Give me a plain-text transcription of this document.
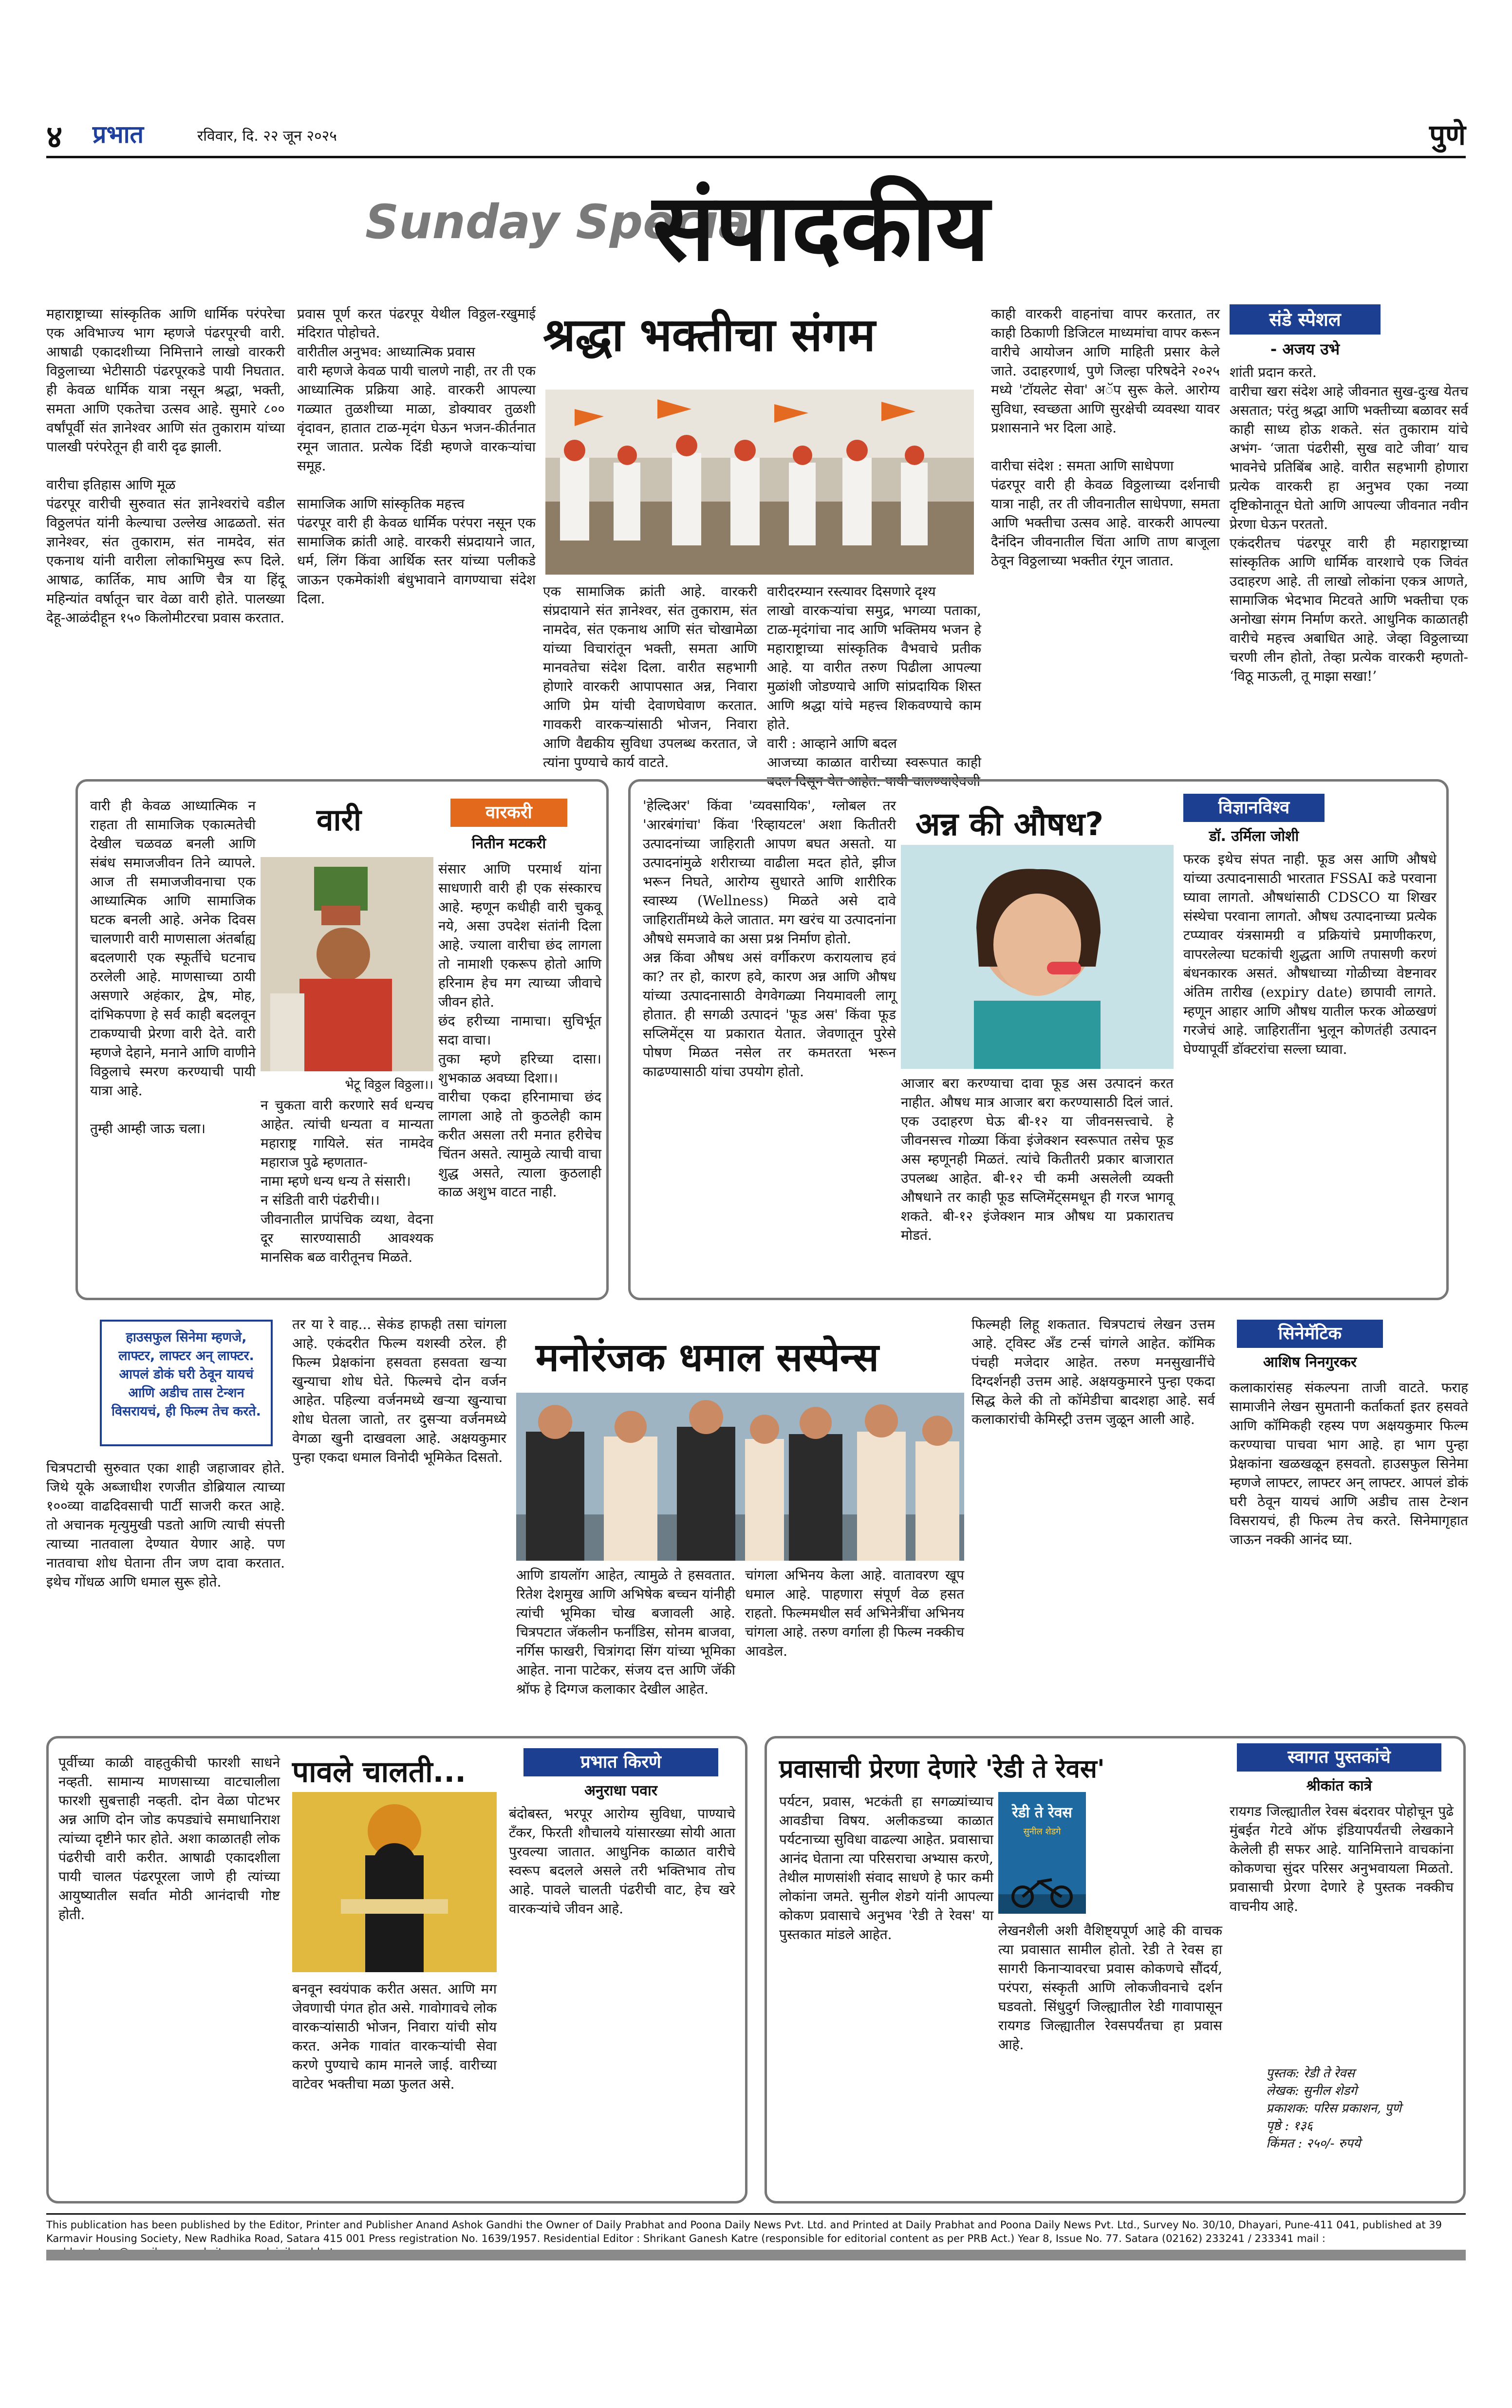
४ प्रभात	रविवार, दि. २२ जून २०२५	पुणे
Sunday Special
संपादकीय
श्रद्धा भक्तीचा संगम
महाराष्ट्राच्या सांस्कृतिक आणि धार्मिक परंपरेचा एक अविभाज्य भाग म्हणजे पंढरपूरची वारी. आषाढी एकादशीच्या निमित्ताने लाखो वारकरी विठ्ठलाच्या भेटीसाठी पंढरपूरकडे पायी निघतात. ही केवळ धार्मिक यात्रा नसून श्रद्धा, भक्ती, समता आणि एकतेचा उत्सव आहे. सुमारे ८०० वर्षांपूर्वी संत ज्ञानेश्वर आणि संत तुकाराम यांच्या पालखी परंपरेतून ही वारी दृढ झाली.

वारीचा इतिहास आणि मूळ
पंढरपूर वारीची सुरुवात संत ज्ञानेश्वरांचे वडील विठ्ठलपंत यांनी केल्याचा उल्लेख आढळतो. संत ज्ञानेश्वर, संत तुकाराम, संत नामदेव, संत एकनाथ यांनी वारीला लोकाभिमुख रूप दिले. आषाढ, कार्तिक, माघ आणि चैत्र या हिंदू महिन्यांत वर्षातून चार वेळा वारी होते. पालख्या देहू-आळंदीहून १५० किलोमीटरचा प्रवास करतात.
प्रवास पूर्ण करत पंढरपूर येथील विठ्ठल-रखुमाई मंदिरात पोहोचते.
वारीतील अनुभव: आध्यात्मिक प्रवास
वारी म्हणजे केवळ पायी चालणे नाही, तर ती एक आध्यात्मिक प्रक्रिया आहे. वारकरी आपल्या गळ्यात तुळशीच्या माळा, डोक्यावर तुळशी वृंदावन, हातात टाळ-मृदंग घेऊन भजन-कीर्तनात रमून जातात. प्रत्येक दिंडी म्हणजे वारकऱ्यांचा समूह.

सामाजिक आणि सांस्कृतिक महत्त्व
पंढरपूर वारी ही केवळ धार्मिक परंपरा नसून एक सामाजिक क्रांती आहे. वारकरी संप्रदायाने जात, धर्म, लिंग किंवा आर्थिक स्तर यांच्या पलीकडे जाऊन एकमेकांशी बंधुभावाने वागण्याचा संदेश दिला.	एक सामाजिक क्रांती आहे. वारकरी संप्रदायाने संत ज्ञानेश्वर, संत तुकाराम, संत नामदेव, संत एकनाथ आणि संत चोखामेळा यांच्या विचारांतून भक्ती, समता आणि मानवतेचा संदेश दिला. वारीत सहभागी होणारे वारकरी आपापसात अन्न, निवारा आणि प्रेम यांची देवाणघेवाण करतात. गावकरी वारकऱ्यांसाठी भोजन, निवारा आणि वैद्यकीय सुविधा उपलब्ध करतात, जे त्यांना पुण्याचे कार्य वाटते.
वारीदरम्यान रस्त्यावर दिसणारे दृश्य
लाखो वारकऱ्यांचा समुद्र, भगव्या पताका, टाळ-मृदंगांचा नाद आणि भक्तिमय भजन हे महाराष्ट्राच्या सांस्कृतिक वैभवाचे प्रतीक आहे. या वारीत तरुण पिढीला आपल्या मुळांशी जोडण्याचे आणि सांप्रदायिक शिस्त आणि श्रद्धा यांचे महत्त्व शिकवण्याचे काम होते.
वारी : आव्हाने आणि बदल
आजच्या काळात वारीच्या स्वरूपात काही बदल दिसून येत आहेत. पायी चालण्याऐवजी
काही वारकरी वाहनांचा वापर करतात, तर काही ठिकाणी डिजिटल माध्यमांचा वापर करून वारीचे आयोजन आणि माहिती प्रसार केले जाते. उदाहरणार्थ, पुणे जिल्हा परिषदेने २०२५ मध्ये 'टॉयलेट सेवा' अॅप सुरू केले. आरोग्य सुविधा, स्वच्छता आणि सुरक्षेची व्यवस्था यावर प्रशासनाने भर दिला आहे.

वारीचा संदेश : समता आणि साधेपणा
पंढरपूर वारी ही केवळ विठ्ठलाच्या दर्शनाची यात्रा नाही, तर ती जीवनातील साधेपणा, समता आणि भक्तीचा उत्सव आहे. वारकरी आपल्या दैनंदिन जीवनातील चिंता आणि ताण बाजूला ठेवून विठ्ठलाच्या भक्तीत रंगून जातात.
संडे स्पेशल
- अजय उभे
शांती प्रदान करते.
वारीचा खरा संदेश आहे जीवनात सुख-दुःख येतच असतात; परंतु श्रद्धा आणि भक्तीच्या बळावर सर्व काही साध्य होऊ शकते. संत तुकाराम यांचे अभंग- ‘जाता पंढरीसी, सुख वाटे जीवा’ याच भावनेचे प्रतिबिंब आहे. वारीत सहभागी होणारा प्रत्येक वारकरी हा अनुभव एका नव्या दृष्टिकोनातून घेतो आणि आपल्या जीवनात नवीन प्रेरणा घेऊन परततो.
एकंदरीतच पंढरपूर वारी ही महाराष्ट्राच्या सांस्कृतिक आणि धार्मिक वारशाचे एक जिवंत उदाहरण आहे. ती लाखो लोकांना एकत्र आणते, सामाजिक भेदभाव मिटवते आणि भक्तीचा एक अनोखा संगम निर्माण करते. आधुनिक काळातही वारीचे महत्त्व अबाधित आहे. जेव्हा विठ्ठलाच्या चरणी लीन होतो, तेव्हा प्रत्येक वारकरी म्हणतो- ‘विठू माऊली, तू माझा सखा!’
वारी	वारकरी
नितीन मटकरी
वारी ही केवळ आध्यात्मिक न राहता ती सामाजिक एकात्मतेची देखील चळवळ बनली आणि संबंध समाजजीवन तिने व्यापले. आज ती समाजजीवनाचा एक आध्यात्मिक आणि सामाजिक घटक बनली आहे. अनेक दिवस चालणारी वारी माणसाला अंतर्बाह्य बदलणारी एक स्फूर्तीचे घटनाच ठरलेली आहे. माणसाच्या ठायी असणारे अहंकार, द्वेष, मोह, दांभिकपणा हे सर्व काही बदलवून टाकण्याची प्रेरणा वारी देते. वारी म्हणजे देहाने, मनाने आणि वाणीने विठ्ठलाचे स्मरण करण्याची पायी यात्रा आहे.

तुम्ही आम्ही जाऊ चला।
भेटू विठ्ठल विठ्ठला।।
न चुकता वारी करणारे सर्व धन्यच आहेत. त्यांची धन्यता व मान्यता महाराष्ट्र गायिले. संत नामदेव महाराज पुढे म्हणतात-
नामा म्हणे धन्य धन्य ते संसारी।
न संडिती वारी पंढरीची।।
जीवनातील प्रापंचिक व्यथा, वेदना दूर सारण्यासाठी आवश्यक मानसिक बळ वारीतूनच मिळते.
संसार आणि परमार्थ यांना साधणारी वारी ही एक संस्कारच आहे. म्हणून कधीही वारी चुकवू नये, असा उपदेश संतांनी दिला आहे. ज्याला वारीचा छंद लागला तो नामाशी एकरूप होतो आणि हरिनाम हेच मग त्याच्या जीवाचे जीवन होते.
छंद हरीच्या नामाचा। सुचिर्भूत सदा वाचा।
तुका म्हणे हरिच्या दासा। शुभकाळ अवघ्या दिशा।।
वारीचा एकदा हरिनामाचा छंद लागला आहे तो कुठलेही काम करीत असला तरी मनात हरीचेच चिंतन असते. त्यामुळे त्याची वाचा शुद्ध असते, त्याला कुठलाही काळ अशुभ वाटत नाही.
'हेल्दिअर' किंवा 'व्यवसायिक', ग्लोबल तर 'आरबंगांचा' किंवा 'रिव्हायटल' अशा कितीतरी उत्पादनांच्या जाहिराती आपण बघत असतो. या उत्पादनांमुळे शरीराच्या वाढीला मदत होते, झीज भरून निघते, आरोग्य सुधारते आणि शारीरिक स्वास्थ्य (Wellness) मिळते असे दावे जाहिरातींमध्ये केले जातात. मग खरंच या उत्पादनांना औषधे समजावे का असा प्रश्न निर्माण होतो.
अन्न किंवा औषध असं वर्गीकरण करायलाच हवं का? तर हो, कारण हवे, कारण अन्न आणि औषध यांच्या उत्पादनासाठी वेगवेगळ्या नियमावली लागू होतात. ही सगळी उत्पादनं 'फूड अस' किंवा फूड सप्लिमेंट्स या प्रकारात येतात. जेवणातून पुरेसे पोषण मिळत नसेल तर कमतरता भरून काढण्यासाठी यांचा उपयोग होतो.
अन्न की औषध?
आजार बरा करण्याचा दावा फूड अस उत्पादनं करत नाहीत. औषध मात्र आजार बरा करण्यासाठी दिलं जातं. एक उदाहरण घेऊ बी-१२ या जीवनसत्त्वाचे. हे जीवनसत्त्व गोळ्या किंवा इंजेक्शन स्वरूपात तसेच फूड अस म्हणूनही मिळतं. त्यांचे कितीतरी प्रकार बाजारात उपलब्ध आहेत. बी-१२ ची कमी असलेली व्यक्ती औषधाने तर काही फूड सप्लिमेंट्समधून ही गरज भागवू शकते. बी-१२ इंजेक्शन मात्र औषध या प्रकारातच मोडतं.
विज्ञानविश्व
डॉ. उर्मिला जोशी
फरक इथेच संपत नाही. फूड अस आणि औषधे यांच्या उत्पादनासाठी भारतात FSSAI कडे परवाना घ्यावा लागतो. औषधांसाठी CDSCO या शिखर संस्थेचा परवाना लागतो. औषध उत्पादनाच्या प्रत्येक टप्प्यावर यंत्रसामग्री व प्रक्रियांचे प्रमाणीकरण, वापरलेल्या घटकांची शुद्धता आणि तपासणी करणं बंधनकारक असतं. औषधाच्या गोळीच्या वेष्टनावर अंतिम तारीख (expiry date) छापावी लागते. म्हणून आहार आणि औषध यातील फरक ओळखणं गरजेचं आहे. जाहिरातींना भुलून कोणतंही उत्पादन घेण्यापूर्वी डॉक्टरांचा सल्ला घ्यावा.
हाउसफुल सिनेमा म्हणजे, लाफ्टर, लाफ्टर अन् लाफ्टर. आपलं डोकं घरी ठेवून यायचं आणि अडीच तास टेन्शन विसरायचं, ही फिल्म तेच करते.
चित्रपटाची सुरुवात एका शाही जहाजावर होते. जिथे यूके अब्जाधीश रणजीत डोब्रियाल त्याच्या १००व्या वाढदिवसाची पार्टी साजरी करत आहे. तो अचानक मृत्युमुखी पडतो आणि त्याची संपत्ती त्याच्या नातवाला देण्यात येणार आहे. पण नातवाचा शोध घेताना तीन जण दावा करतात. इथेच गोंधळ आणि धमाल सुरू होते.
तर या रे वाह... सेकंड हाफही तसा चांगला आहे. एकंदरीत फिल्म यशस्वी ठरेल. ही फिल्म प्रेक्षकांना हसवता हसवता खऱ्या खुन्याचा शोध घेते. फिल्मचे दोन वर्जन आहेत. पहिल्या वर्जनमध्ये खऱ्या खुन्याचा शोध घेतला जातो, तर दुसऱ्या वर्जनमध्ये वेगळा खुनी दाखवला आहे. अक्षयकुमार पुन्हा एकदा धमाल विनोदी भूमिकेत दिसतो.
मनोरंजक धमाल सस्पेन्स
आणि डायलॉग आहेत, त्यामुळे ते हसवतात. रितेश देशमुख आणि अभिषेक बच्चन यांनीही त्यांची भूमिका चोख बजावली आहे. चित्रपटात जॅकलीन फर्नांडिस, सोनम बाजवा, नर्गिस फाखरी, चित्रांगदा सिंग यांच्या भूमिका आहेत. नाना पाटेकर, संजय दत्त आणि जॅकी श्रॉफ हे दिग्गज कलाकार देखील आहेत.
चांगला अभिनय केला आहे. वातावरण खूप धमाल आहे. पाहणारा संपूर्ण वेळ हसत राहतो. फिल्ममधील सर्व अभिनेत्रींचा अभिनय चांगला आहे. तरुण वर्गाला ही फिल्म नक्कीच आवडेल.
फिल्मही लिहू शकतात. चित्रपटाचं लेखन उत्तम आहे. ट्विस्ट अँड टर्न्स चांगले आहेत. कॉमिक पंचही मजेदार आहेत. तरुण मनसुखानींचे दिग्दर्शनही उत्तम आहे. अक्षयकुमारने पुन्हा एकदा सिद्ध केले की तो कॉमेडीचा बादशहा आहे. सर्व कलाकारांची केमिस्ट्री उत्तम जुळून आली आहे.
सिनेमॅटिक
आशिष निनगुरकर
कलाकारांसह संकल्पना ताजी वाटते. फराह सामाजीने लेखन सुमतानी कर्ताकर्ता इतर हसवते आणि कॉमिकही रहस्य पण अक्षयकुमार फिल्म करण्याचा पाचवा भाग आहे. हा भाग पुन्हा प्रेक्षकांना खळखळून हसवतो. हाउसफुल सिनेमा म्हणजे लाफ्टर, लाफ्टर अन् लाफ्टर. आपलं डोकं घरी ठेवून यायचं आणि अडीच तास टेन्शन विसरायचं, ही फिल्म तेच करते. सिनेमागृहात जाऊन नक्की आनंद घ्या.
पूर्वीच्या काळी वाहतुकीची फारशी साधने नव्हती. सामान्य माणसाच्या वाटचालीला फारशी सुबत्ताही नव्हती. दोन वेळा पोटभर अन्न आणि दोन जोड कपड्यांचे समाधानिराश त्यांच्या दृष्टीने फार होते. अशा काळातही लोक पंढरीची वारी करीत. आषाढी एकादशीला पायी चालत पंढरपूरला जाणे ही त्यांच्या आयुष्यातील सर्वात मोठी आनंदाची गोष्ट होती.
पावले चालती...
बनवून स्वयंपाक करीत असत. आणि मग जेवणाची पंगत होत असे. गावोगावचे लोक वारकऱ्यांसाठी भोजन, निवारा यांची सोय करत. अनेक गावांत वारकऱ्यांची सेवा करणे पुण्याचे काम मानले जाई. वारीच्या वाटेवर भक्तीचा मळा फुलत असे.
प्रभात किरणे
अनुराधा पवार
बंदोबस्त, भरपूर आरोग्य सुविधा, पाण्याचे टँकर, फिरती शौचालये यांसारख्या सोयी आता पुरवल्या जातात. आधुनिक काळात वारीचे स्वरूप बदलले असले तरी भक्तिभाव तोच आहे. पावले चालती पंढरीची वाट, हेच खरे वारकऱ्यांचे जीवन आहे.
प्रवासाची प्रेरणा देणारे 'रेडी ते रेवस'	स्वागत पुस्तकांचे
श्रीकांत कात्रे
पर्यटन, प्रवास, भटकंती हा सगळ्यांच्याच आवडीचा विषय. अलीकडच्या काळात पर्यटनाच्या सुविधा वाढल्या आहेत. प्रवासाचा आनंद घेताना त्या परिसराचा अभ्यास करणे, तेथील माणसांशी संवाद साधणे हे फार कमी लोकांना जमते. सुनील शेडगे यांनी आपल्या कोकण प्रवासाचे अनुभव 'रेडी ते रेवस' या पुस्तकात मांडले आहेत.
रेडी ते रेवस
सुनील शेडगे
लेखनशैली अशी वैशिष्ट्यपूर्ण आहे की वाचक त्या प्रवासात सामील होतो. रेडी ते रेवस हा सागरी किनाऱ्यावरचा प्रवास कोकणचे सौंदर्य, परंपरा, संस्कृती आणि लोकजीवनाचे दर्शन घडवतो. सिंधुदुर्ग जिल्ह्यातील रेडी गावापासून रायगड जिल्ह्यातील रेवसपर्यंतचा हा प्रवास आहे.
रायगड जिल्ह्यातील रेवस बंदरावर पोहोचून पुढे मुंबईत गेटवे ऑफ इंडियापर्यंतची लेखकाने केलेली ही सफर आहे. यानिमित्ताने वाचकांना कोकणचा सुंदर परिसर अनुभवायला मिळतो. प्रवासाची प्रेरणा देणारे हे पुस्तक नक्कीच वाचनीय आहे.
पुस्तक: रेडी ते रेवस
लेखक: सुनील शेडगे
प्रकाशक: परिस प्रकाशन, पुणे
पृष्ठे : १३६
किंमत : २५०/- रुपये
This publication has been published by the Editor, Printer and Publisher Anand Ashok Gandhi the Owner of Daily Prabhat and Poona Daily News Pvt. Ltd. and Printed at Daily Prabhat and Poona Daily News Pvt. Ltd., Survey No. 30/10, Dhayari, Pune-411 041, published at 39 Karmavir Housing Society, New Radhika Road, Satara 415 001 Press registration No. 1639/1957. Residential Editor : Shrikant Ganesh Katre (responsible for editorial content as per PRB Act.) Year 8, Issue No. 77. Satara (02162) 233241 / 233341 mail :
